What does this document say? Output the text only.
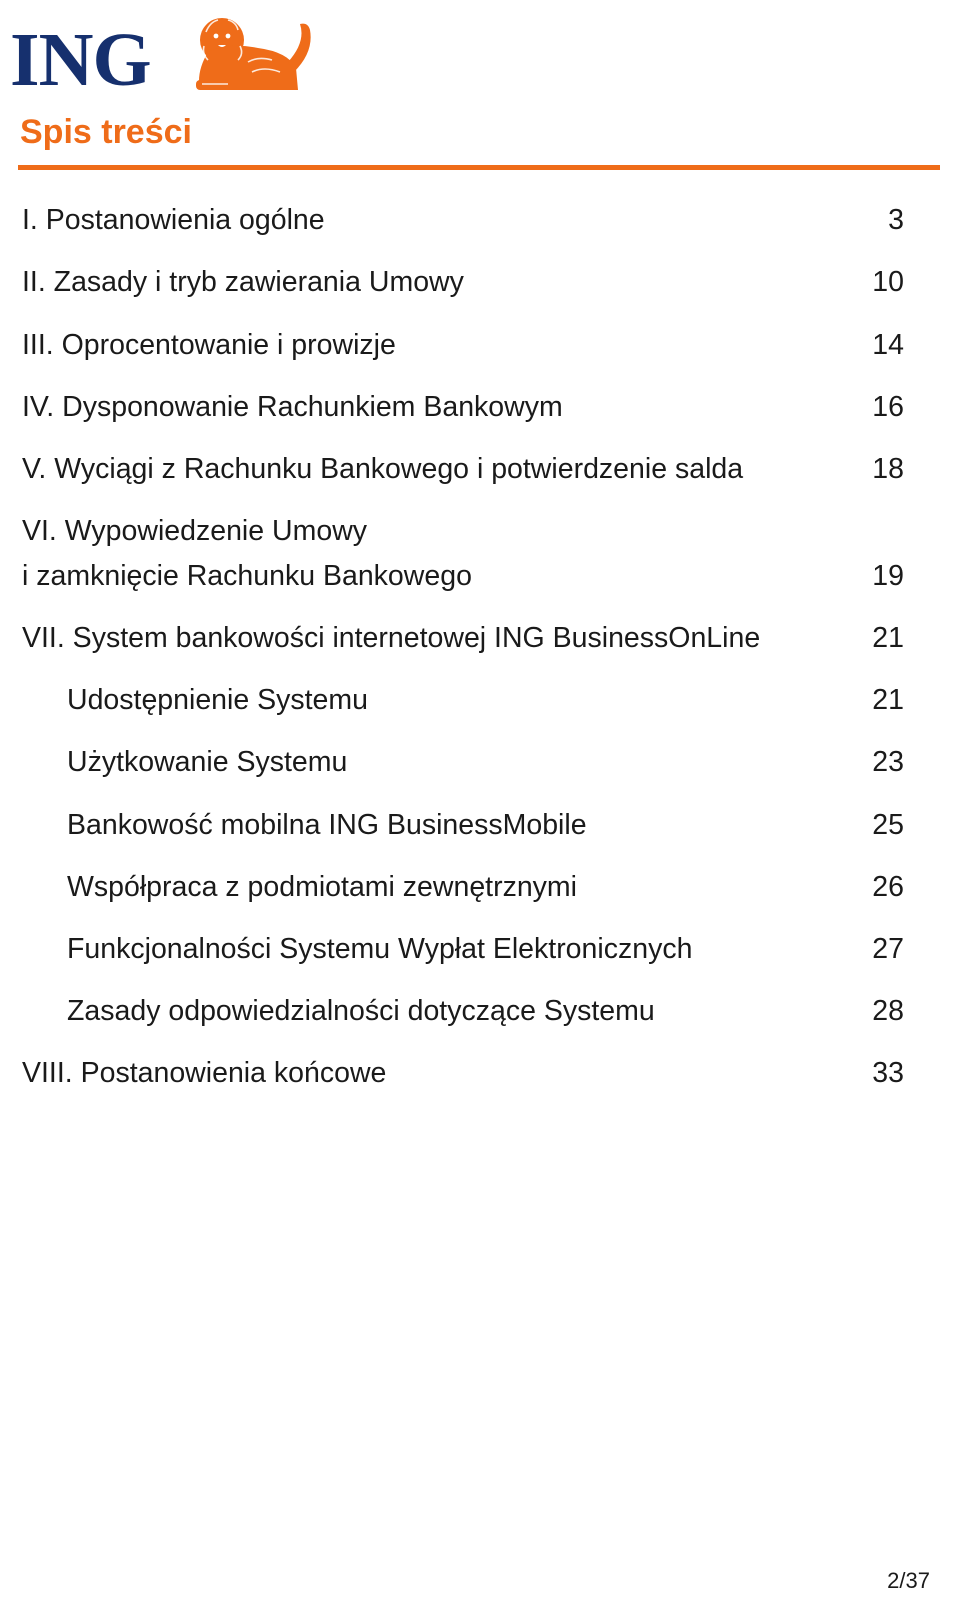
ING
Spis treści
I. Postanowienia ogólne	3
II. Zasady i tryb zawierania Umowy	10
III. Oprocentowanie i prowizje	14
IV. Dysponowanie Rachunkiem Bankowym	16
V. Wyciągi z Rachunku Bankowego i potwierdzenie salda	18
VI. Wypowiedzenie Umowy
i zamknięcie Rachunku Bankowego	19
VII. System bankowości internetowej ING BusinessOnLine	21
Udostępnienie Systemu	21
Użytkowanie Systemu	23
Bankowość mobilna ING BusinessMobile	25
Współpraca z podmiotami zewnętrznymi	26
Funkcjonalności Systemu Wypłat Elektronicznych	27
Zasady odpowiedzialności dotyczące Systemu	28
VIII. Postanowienia końcowe	33
2/37
